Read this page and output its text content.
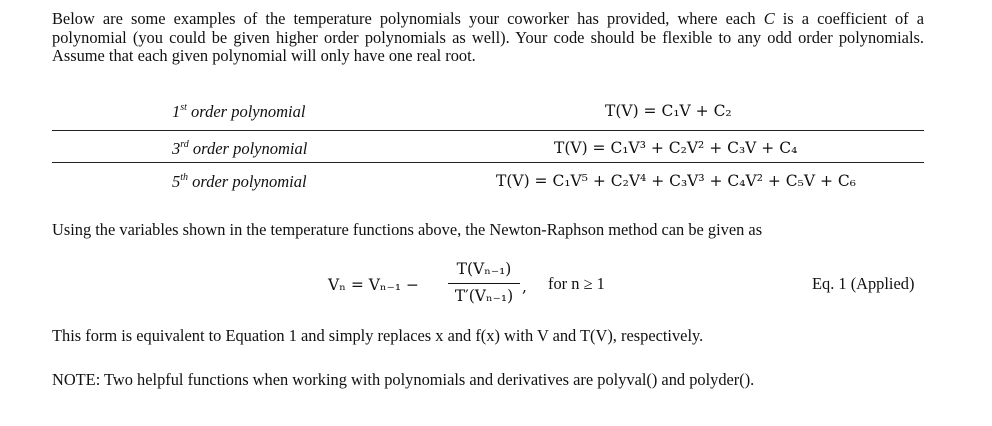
Below are some examples of the temperature polynomials your coworker has provided, where each C is a coefficient of a polynomial (you could be given higher order polynomials as well). Your code should be flexible to any odd order polynomials. Assume that each given polynomial will only have one real root.
1st order polynomial	T(V) = C₁V + C₂
3rd order polynomial	T(V) = C₁V³ + C₂V² + C₃V + C₄
5th order polynomial	T(V) = C₁V⁵ + C₂V⁴ + C₃V³ + C₄V² + C₅V + C₆
Using the variables shown in the temperature functions above, the Newton-Raphson method can be given as
Vₙ = Vₙ₋₁ −
T(Vₙ₋₁)
T′(Vₙ₋₁) , for n ≥ 1	Eq. 1 (Applied)
This form is equivalent to Equation 1 and simply replaces x and f(x) with V and T(V), respectively.
NOTE: Two helpful functions when working with polynomials and derivatives are polyval() and polyder().
